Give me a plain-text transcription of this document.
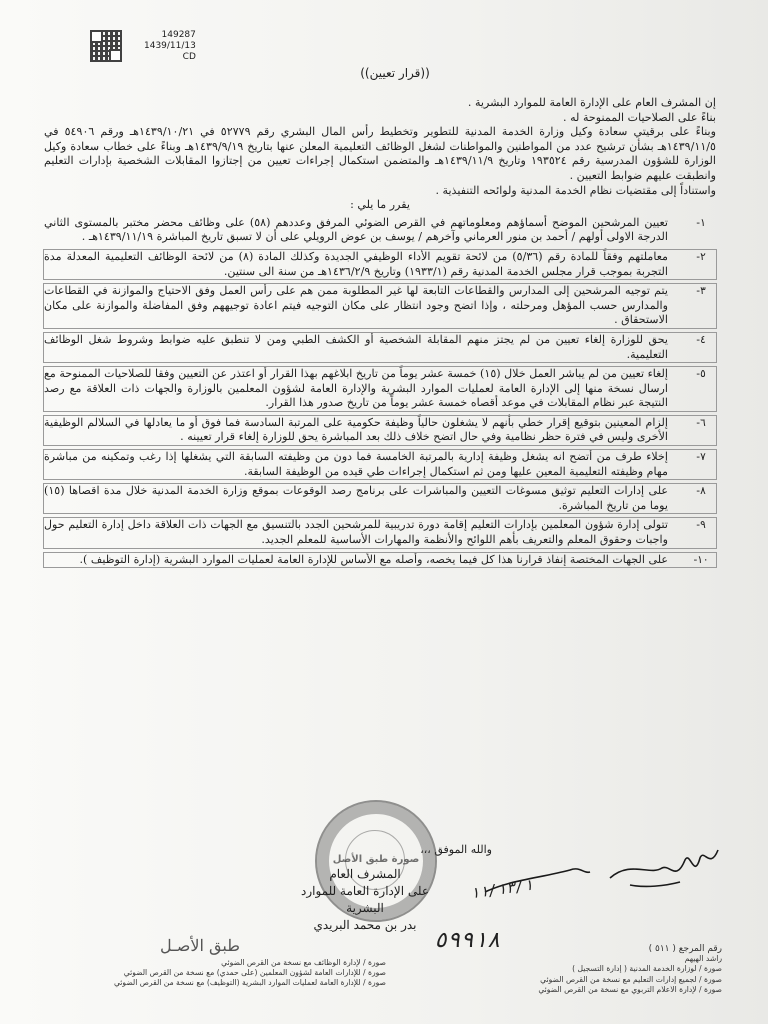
149287
1439/11/13
CD
((قرار تعيين))

إن المشرف العام على الإدارة العامة للموارد البشرية .

بناءً على الصلاحيات الممنوحة له .

وبناءً على برقيتي سعادة وكيل وزارة الخدمة المدنية للتطوير وتخطيط رأس المال البشري رقم ٥٢٧٧٩ في ١٤٣٩/١٠/٢١هـ ورقم ٥٤٩٠٦ في ١٤٣٩/١١/٥هـ بشأن ترشيح عدد من المواطنين والمواطنات لشغل الوظائف التعليمية المعلن عنها بتاريخ ١٤٣٩/٩/١٩هـ وبناءً على خطاب سعادة وكيل الوزارة للشؤون المدرسية رقم ١٩٣٥٢٤ وتاريخ ١٤٣٩/١١/٩هـ والمتضمن استكمال إجراءات تعيين من إجتازوا المقابلات الشخصية بإدارات التعليم وانطبقت عليهم ضوابط التعيين .

واستناداً إلى مقتضيات نظام الخدمة المدنية ولوائحه التنفيذية .

يقرر ما يلي :

١-
تعيين المرشحين الموضح أسماؤهم ومعلوماتهم في القرص الضوئي المرفق وعددهم (٥٨) على وظائف محضر مختبر بالمستوى الثاني الدرجة الاولى أولهم / أحمد بن منور العرماني وآخرهم / يوسف بن عوض الرويلي على أن لا تسبق تاريخ المباشرة ١٤٣٩/١١/١٩هـ .
٢-
معاملتهم وفقاً للمادة رقم (٥/٣٦) من لائحة تقويم الأداء الوظيفي الجديدة وكذلك المادة (٨) من لائحة الوظائف التعليمية المعدلة مدة التجربة بموجب قرار مجلس الخدمة المدنية رقم (١٩٣٣/١) وتاريخ ١٤٣٦/٢/٩هـ من سنة الى سنتين.
٣-
يتم توجيه المرشحين إلى المدارس والقطاعات التابعة لها غير المطلوبة ممن هم على رأس العمل وفق الاحتياج والموازنة في القطاعات والمدارس حسب المؤهل ومرحلته ، وإذا اتضح وجود انتظار على مكان التوجيه فيتم اعادة توجيههم وفق المفاضلة والموازنة على مكان الاستحقاق .
٤-
يحق للوزارة إلغاء تعيين من لم يجتز منهم المقابلة الشخصية أو الكشف الطبي ومن لا تنطبق عليه ضوابط وشروط شغل الوظائف التعليمية.
٥-
إلغاء تعيين من لم يباشر العمل خلال (١٥) خمسة عشر يوماً من تاريخ ابلاغهم بهذا القرار أو اعتذر عن التعيين وفقا للصلاحيات الممنوحة مع ارسال نسخة منها إلى الإدارة العامة لعمليات الموارد البشرية والإدارة العامة لشؤون المعلمين بالوزارة والجهات ذات العلاقة مع رصد النتيجة عبر نظام المقابلات في موعد أقصاه خمسة عشر يوماً من تاريخ صدور هذا القرار.
٦-
إلزام المعينين بتوقيع إقرار خطي بأنهم لا يشغلون حالياً وظيفة حكومية على المرتبة السادسة فما فوق أو ما يعادلها في السلالم الوظيفية الأخرى وليس في فترة حظر نظامية وفي حال اتضح خلاف ذلك بعد المباشرة يحق للوزارة إلغاء قرار تعيينه .
٧-
إخلاء طرف من أتضح انه يشغل وظيفة إدارية بالمرتبة الخامسة فما دون من وظيفته السابقة التي يشغلها إذا رغب وتمكينه من مباشرة مهام وظيفته التعليمية المعين عليها ومن ثم استكمال إجراءات طي قيده من الوظيفة السابقة.
٨-
على إدارات التعليم توثيق مسوغات التعيين والمباشرات على برنامج رصد الوقوعات بموقع وزارة الخدمة المدنية خلال مدة اقصاها (١٥) يوما من تاريخ المباشرة.
٩-
تتولى إدارة شؤون المعلمين بإدارات التعليم إقامة دورة تدريبية للمرشحين الجدد بالتنسيق مع الجهات ذات العلاقة داخل إدارة التعليم حول واجبات وحقوق المعلم والتعريف بأهم اللوائح والأنظمة والمهارات الأساسية للمعلم الجديد.
١٠-
على الجهات المختصة إنفاذ قرارنا هذا كل فيما يخصه، وأصله مع الأساس للإدارة العامة لعمليات الموارد البشرية (إدارة التوظيف ).
والله الموفق ،،،
صورة طبق الأصل
المشرف العام
على الإدارة العامة للموارد البشرية
بدر بن محمد البريدي
١١/١٣/١
٥٩٩١٨
طبق الأصـل

صورة / لإدارة الوظائف مع نسخة من القرص الضوئي

صورة / للإدارات العامة لشؤون المعلمين (على حمدي) مع نسخة من القرص الضوئي

صورة / للإدارة العامة لعمليات الموارد البشرية (التوظيف) مع نسخة من القرص الضوئي

رقم المرجع ( ٥١١ )

راشد الهيهم

صورة / لوزارة الخدمة المدنية ( إدارة التسجيل )

صورة / لجميع إدارات التعليم مع نسخة من القرص الضوئي

صورة / لإدارة الاعلام التربوي مع نسخة من القرص الضوئي
